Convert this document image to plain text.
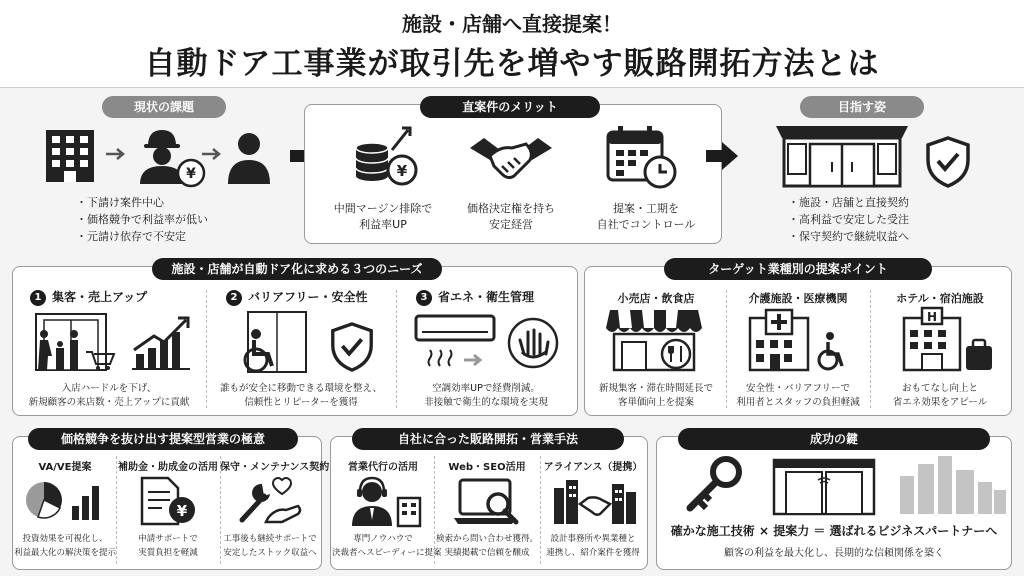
施設・店舗へ直接提案！
自動ドア工事業が取引先を増やす販路開拓方法とは
現状の課題
¥
・ 下請け案件中心
・ 価格競争で利益率が低い
・ 元請け依存で不安定
直案件のメリット
¥
中間マージン排除で
利益率UP
価格決定権を持ち
安定経営
提案・工期を
自社でコントロール
目指す姿
・ 施設・店舗と直接契約
・ 高利益で安定した受注
・ 保守契約で継続収益へ
施設・店舗が自動ドア化に求める３つのニーズ
1 集客・売上アップ
入店ハードルを下げ、
新規顧客の来店数・売上アップに貢献
2 バリアフリー・安全性
誰もが安全に移動できる環境を整え、
信頼性とリピーターを獲得
3 省エネ・衛生管理
空調効率UPで経費削減。
非接触で衛生的な環境を実現
ターゲット業種別の提案ポイント
小売店・飲食店
新規集客・滞在時間延長で
客単価向上を提案
介護施設・医療機関
安全性・バリアフリーで
利用者とスタッフの負担軽減
ホテル・宿泊施設
H
おもてなし向上と
省エネ効果をアピール
価格競争を抜け出す提案型営業の極意
VA/VE提案
投資効果を可視化し、
利益最大化の解決策を提示
補助金・助成金の活用
¥
申請サポートで
実質負担を軽減
保守・メンテナンス契約
工事後も継続サポートで
安定したストック収益へ
自社に合った販路開拓・営業手法
営業代行の活用
専門ノウハウで
決裁者へスピーディーに提案
Web・SEO活用
検索から問い合わせ獲得。
実績掲載で信頼を醸成
アライアンス（提携）
設計事務所や異業種と
連携し、紹介案件を獲得
成功の鍵
確かな施工技術 × 提案力 ＝ 選ばれるビジネスパートナーへ
顧客の利益を最大化し、長期的な信頼関係を築く
